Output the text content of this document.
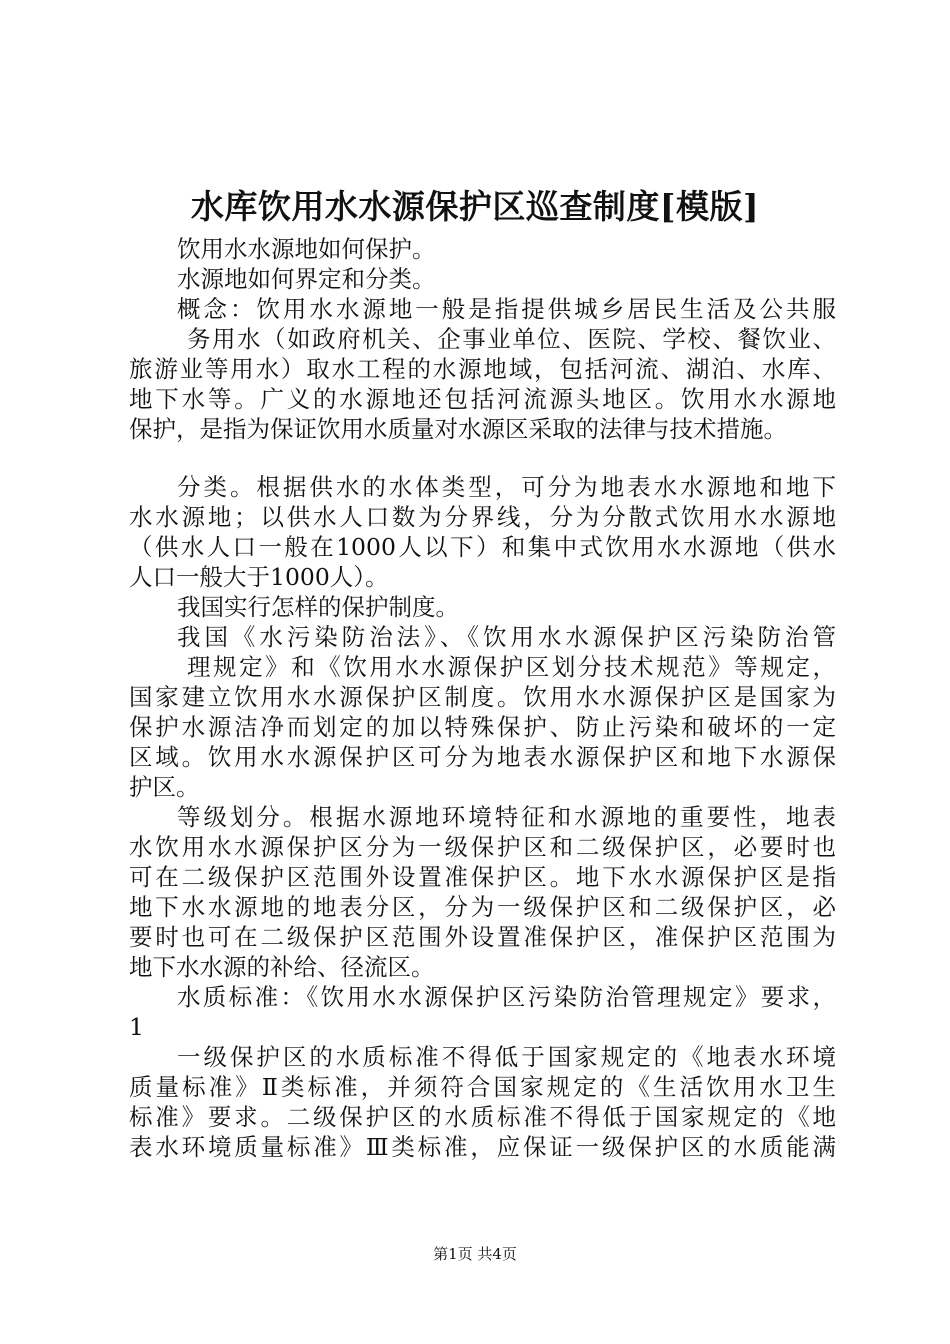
水库饮用水水源保护区巡查制度[模版]
饮用水水源地如何保护。
水源地如何界定和分类。
概念：饮用水水源地一般是指提供城乡居民生活及公共服
务用水（如政府机关、企事业单位、医院、学校、餐饮业、
旅游业等用水）取水工程的水源地域，包括河流、湖泊、水库、
地下水等。广义的水源地还包括河流源头地区。饮用水水源地
保护，是指为保证饮用水质量对水源区采取的法律与技术措施。
分类。根据供水的水体类型，可分为地表水水源地和地下
水水源地；以供水人口数为分界线，分为分散式饮用水水源地
（供水人口一般在1000人以下）和集中式饮用水水源地（供水
人口一般大于1000人）。
我国实行怎样的保护制度。
我国《水污染防治法》、《饮用水水源保护区污染防治管
理规定》和《饮用水水源保护区划分技术规范》等规定，
国家建立饮用水水源保护区制度。饮用水水源保护区是国家为
保护水源洁净而划定的加以特殊保护、防止污染和破坏的一定
区域。饮用水水源保护区可分为地表水源保护区和地下水源保
护区。
等级划分。根据水源地环境特征和水源地的重要性，地表
水饮用水水源保护区分为一级保护区和二级保护区，必要时也
可在二级保护区范围外设置准保护区。地下水水源保护区是指
地下水水源地的地表分区，分为一级保护区和二级保护区，必
要时也可在二级保护区范围外设置准保护区，准保护区范围为
地下水水源的补给、径流区。
水质标准：《饮用水水源保护区污染防治管理规定》要求，
1
一级保护区的水质标准不得低于国家规定的《地表水环境
质量标准》Ⅱ类标准，并须符合国家规定的《生活饮用水卫生
标准》要求。二级保护区的水质标准不得低于国家规定的《地
表水环境质量标准》Ⅲ类标准，应保证一级保护区的水质能满
第1页 共4页
